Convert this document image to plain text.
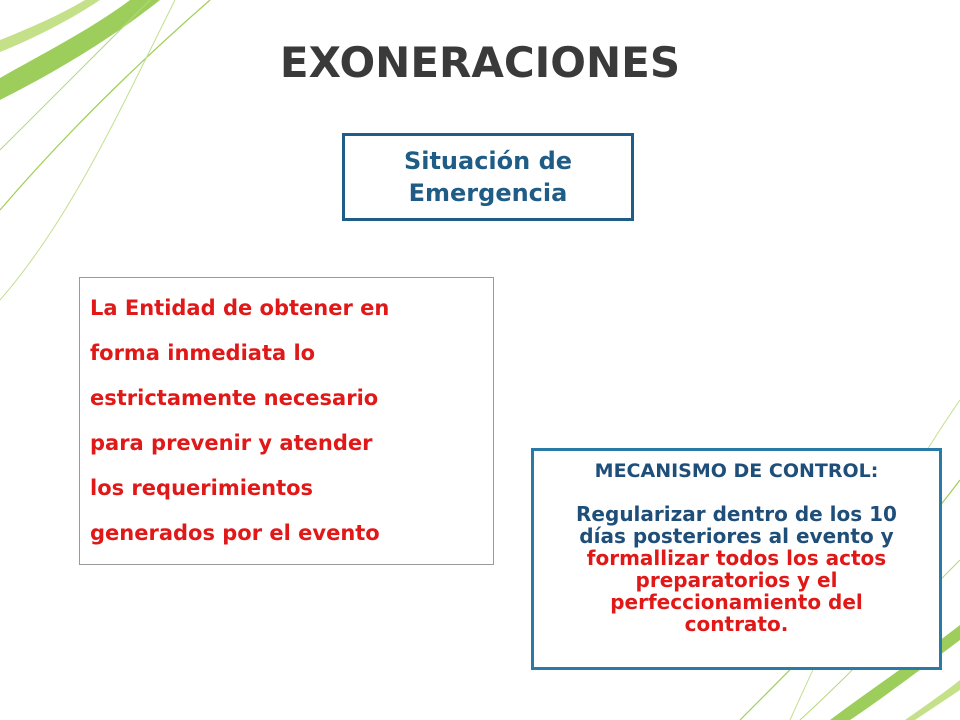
EXONERACIONES
Situación de
Emergencia
La Entidad de obtener en
forma inmediata lo
estrictamente necesario
para prevenir y atender
los requerimientos
generados por el evento
MECANISMO DE CONTROL:
Regularizar dentro de los 10
días posteriores al evento y
formallizar todos los actos
preparatorios y el
perfeccionamiento del
contrato.
